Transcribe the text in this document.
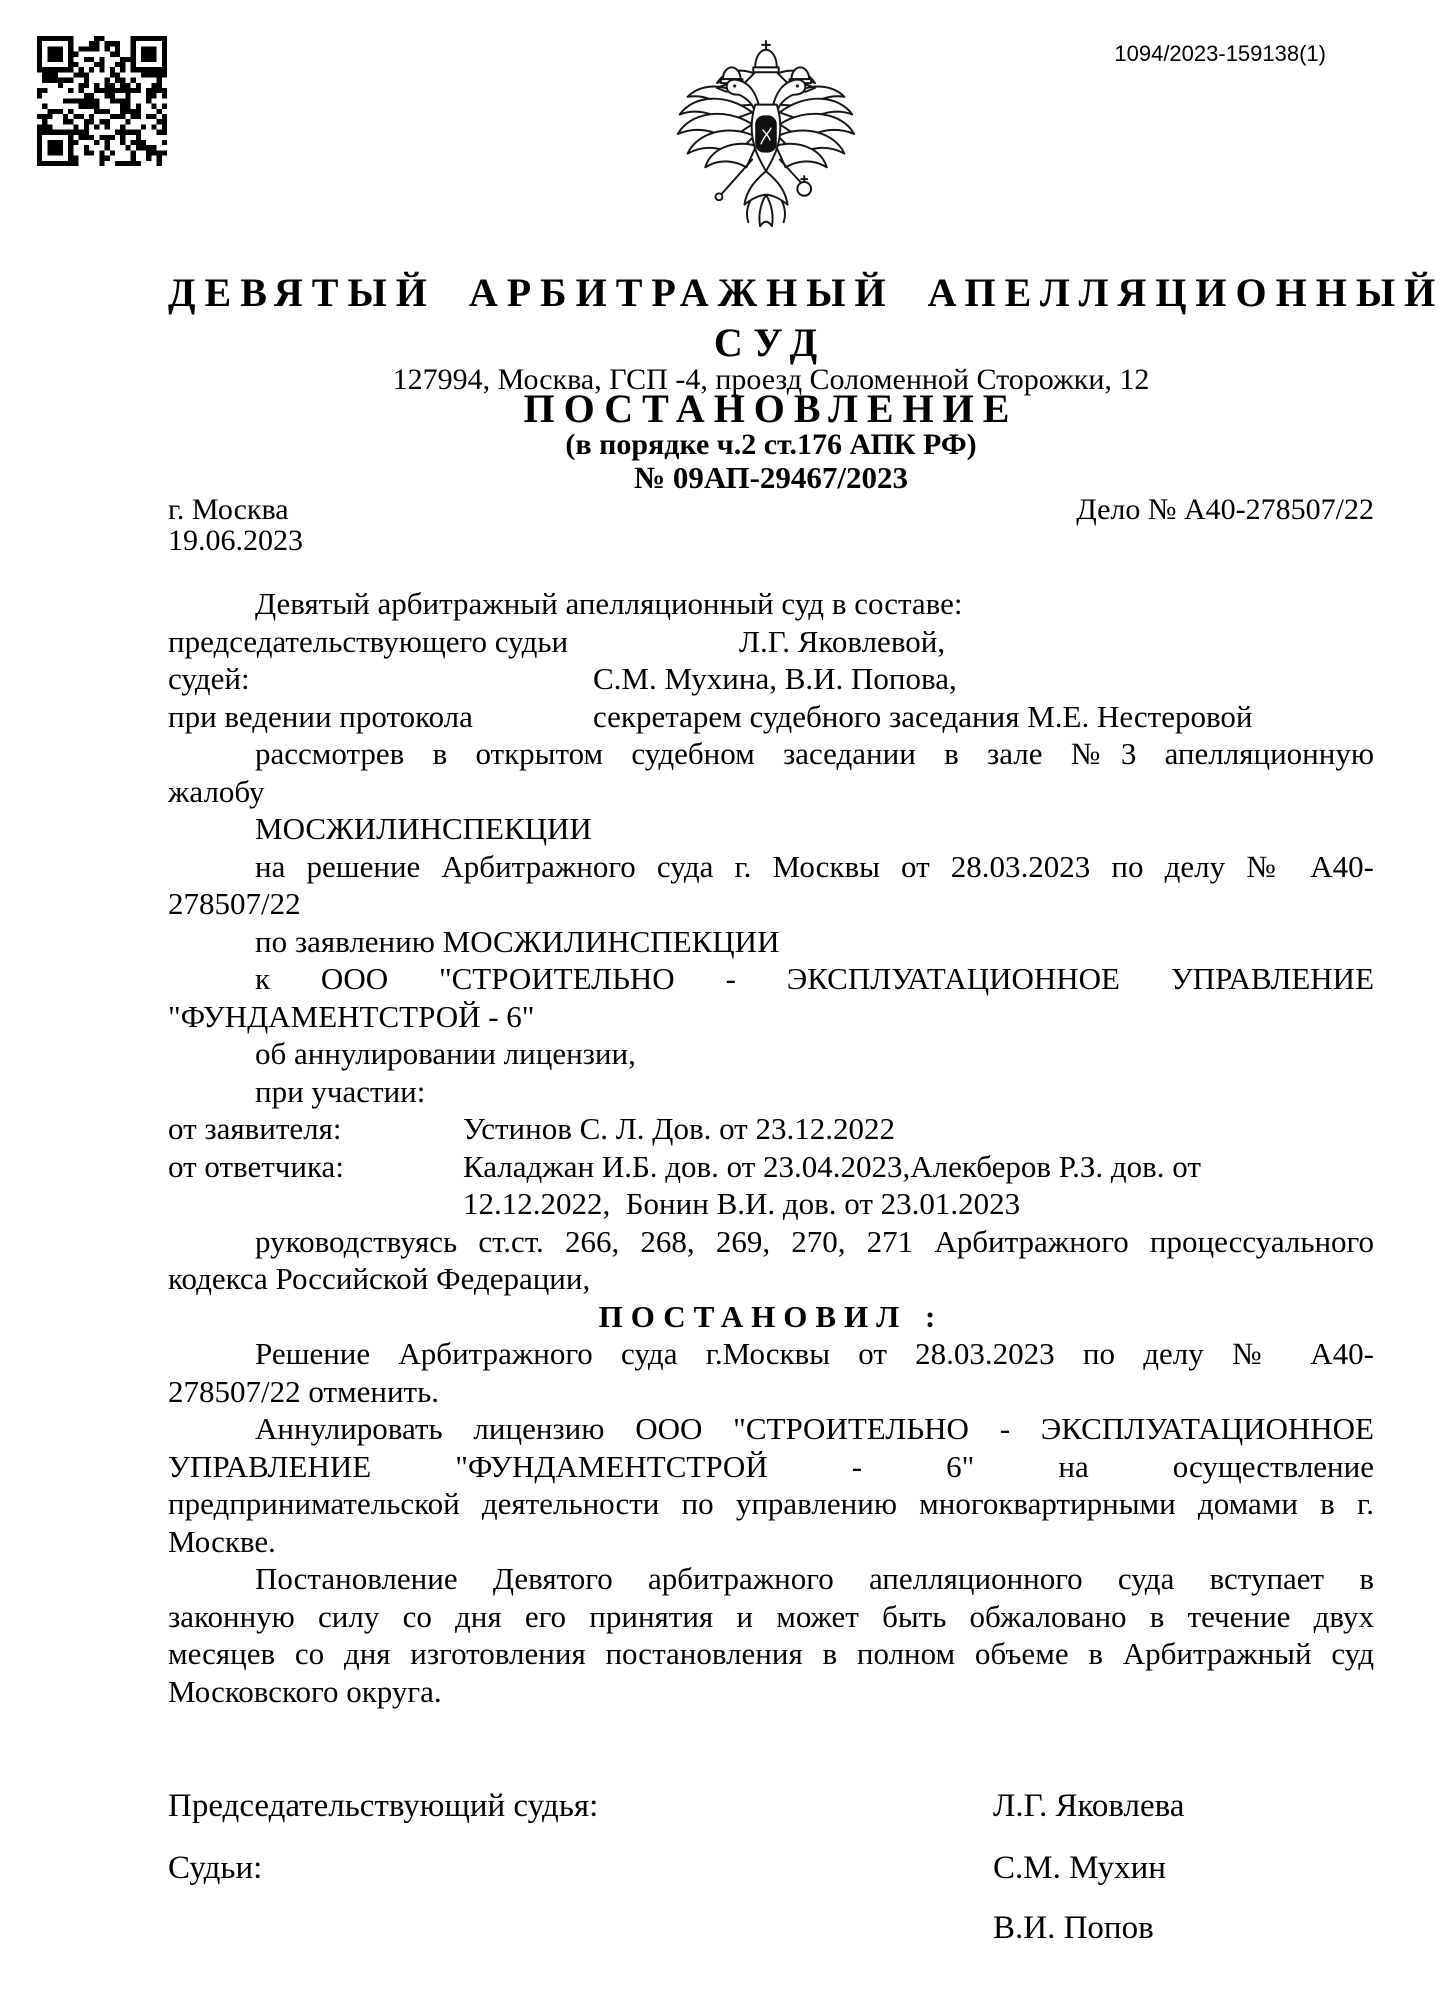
1094/2023-159138(1)
ДЕВЯТЫЙ АРБИТРАЖНЫЙ АПЕЛЛЯЦИОННЫЙ
СУД
127994, Москва, ГСП -4, проезд Соломенной Сторожки, 12
ПОСТАНОВЛЕНИЕ
(в порядке ч.2 ст.176 АПК РФ)
№ 09АП-29467/2023
г. Москва	Дело № А40-278507/22
19.06.2023
Девятый арбитражный апелляционный суд в составе:
председательствующего судьи	Л.Г. Яковлевой,
судей:	С.М. Мухина, В.И. Попова,
при ведении протокола	секретарем судебного заседания М.Е. Нестеровой
рассмотрев в открытом судебном заседании в зале №3 апелляционную
жалобу
МОСЖИЛИНСПЕКЦИИ
на решение Арбитражного суда г. Москвы от 28.03.2023 по делу № А40-
278507/22
по заявлению МОСЖИЛИНСПЕКЦИИ
к ООО "СТРОИТЕЛЬНО - ЭКСПЛУАТАЦИОННОЕ УПРАВЛЕНИЕ
"ФУНДАМЕНТСТРОЙ - 6"
об аннулировании лицензии,
при участии:
от заявителя:	Устинов С. Л. Дов. от 23.12.2022
от ответчика:	Каладжан И.Б. дов. от 23.04.2023,Алекберов Р.З. дов. от
12.12.2022,  Бонин В.И. дов. от 23.01.2023
руководствуясь ст.ст. 266, 268, 269, 270, 271 Арбитражного процессуального
кодекса Российской Федерации,
ПОСТАНОВИЛ :
Решение Арбитражного суда г.Москвы от 28.03.2023 по делу № А40-
278507/22 отменить.
Аннулировать лицензию ООО "СТРОИТЕЛЬНО - ЭКСПЛУАТАЦИОННОЕ
УПРАВЛЕНИЕ "ФУНДАМЕНТСТРОЙ - 6" на осуществление
предпринимательской деятельности по управлению многоквартирными домами в г.
Москве.
Постановление Девятого арбитражного апелляционного суда вступает в
законную силу со дня его принятия и может быть обжаловано в течение двух
месяцев со дня изготовления постановления в полном объеме в Арбитражный суд
Московского округа.
Председательствующий судья:	Л.Г. Яковлева
Судьи:	С.М. Мухин
В.И. Попов
